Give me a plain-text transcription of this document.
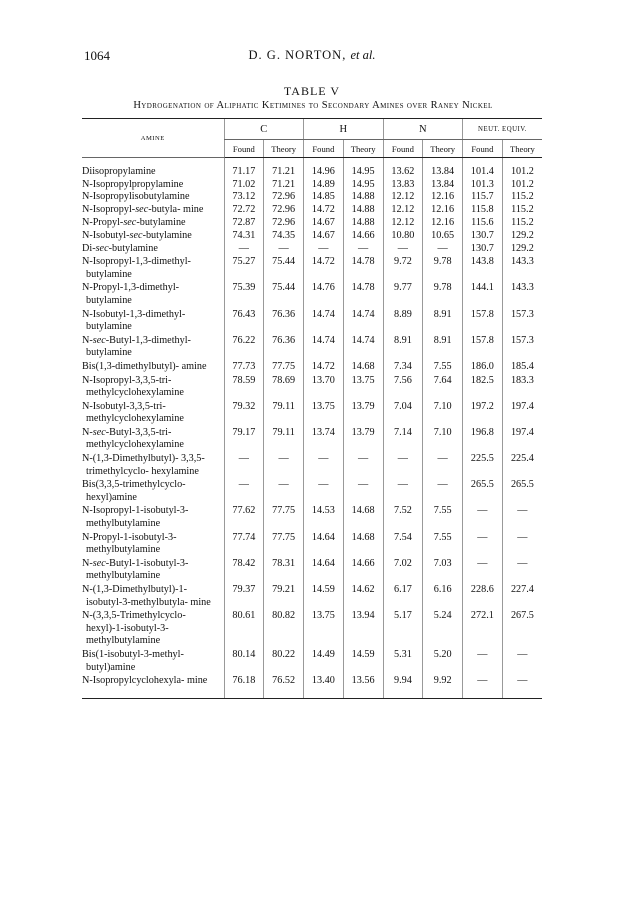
1064	D. G. NORTON, et al.
TABLE V
Hydrogenation of Aliphatic Ketimines to Secondary Amines over Raney Nickel
AMINE	C		H		N		NEUT. EQUIV.	
	Found	Theory	Found	Theory	Found	Theory	Found	Theory
Diisopropylamine	71.17	71.21	14.96	14.95	13.62	13.84	101.4	101.2
N-Isopropylpropylamine	71.02	71.21	14.89	14.95	13.83	13.84	101.3	101.2
N-Isopropylisobutylamine	73.12	72.96	14.85	14.88	12.12	12.16	115.7	115.2
N-Isopropyl-sec-butyla- mine	72.72	72.96	14.72	14.88	12.12	12.16	115.8	115.2
N-Propyl-sec-butylamine	72.87	72.96	14.67	14.88	12.12	12.16	115.6	115.2
N-Isobutyl-sec-butylamine	74.31	74.35	14.67	14.66	10.80	10.65	130.7	129.2
Di-sec-butylamine	—	—	—	—	—	—	130.7	129.2
N-Isopropyl-1,3-dimethyl- butylamine	75.27	75.44	14.72	14.78	9.72	9.78	143.8	143.3
N-Propyl-1,3-dimethyl- butylamine	75.39	75.44	14.76	14.78	9.77	9.78	144.1	143.3
N-Isobutyl-1,3-dimethyl- butylamine	76.43	76.36	14.74	14.74	8.89	8.91	157.8	157.3
N-sec-Butyl-1,3-dimethyl- butylamine	76.22	76.36	14.74	14.74	8.91	8.91	157.8	157.3
Bis(1,3-dimethylbutyl)- amine	77.73	77.75	14.72	14.68	7.34	7.55	186.0	185.4
N-Isopropyl-3,3,5-tri- methylcyclohexylamine	78.59	78.69	13.70	13.75	7.56	7.64	182.5	183.3
N-Isobutyl-3,3,5-tri- methylcyclohexylamine	79.32	79.11	13.75	13.79	7.04	7.10	197.2	197.4
N-sec-Butyl-3,3,5-tri- methylcyclohexylamine	79.17	79.11	13.74	13.79	7.14	7.10	196.8	197.4
N-(1,3-Dimethylbutyl)- 3,3,5-trimethylcyclo- hexylamine	—	—	—	—	—	—	225.5	225.4
Bis(3,3,5-trimethylcyclo- hexyl)amine	—	—	—	—	—	—	265.5	265.5
N-Isopropyl-1-isobutyl-3- methylbutylamine	77.62	77.75	14.53	14.68	7.52	7.55	—	—
N-Propyl-1-isobutyl-3- methylbutylamine	77.74	77.75	14.64	14.68	7.54	7.55	—	—
N-sec-Butyl-1-isobutyl-3- methylbutylamine	78.42	78.31	14.64	14.66	7.02	7.03	—	—
N-(1,3-Dimethylbutyl)-1- isobutyl-3-methylbutyla- mine	79.37	79.21	14.59	14.62	6.17	6.16	228.6	227.4
N-(3,3,5-Trimethylcyclo- hexyl)-1-isobutyl-3- methylbutylamine	80.61	80.82	13.75	13.94	5.17	5.24	272.1	267.5
Bis(1-isobutyl-3-methyl- butyl)amine	80.14	80.22	14.49	14.59	5.31	5.20	—	—
N-Isopropylcyclohexyla- mine	76.18	76.52	13.40	13.56	9.94	9.92	—	—
